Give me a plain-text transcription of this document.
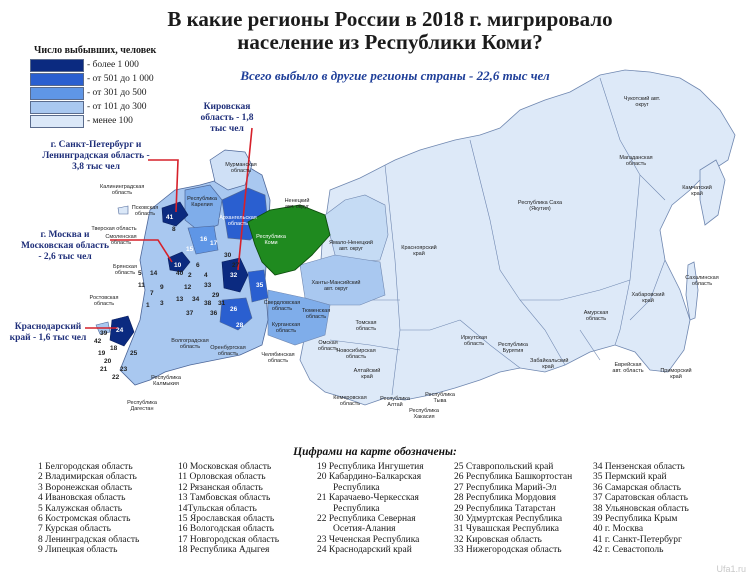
В какие регионы России в 2018 г. мигрировало
население из Республики Коми?
Всего выбыло в другие регионы страны - 22,6 тыс чел
Число выбывших, человек
- более 1 000
- от 501 до 1 000
- от 301 до 500
- от 101 до 300
- менее 100
Кировская область - 1,8 тыс чел
г. Санкт-Петербург и Ленинградская область - 3,8 тыс чел
г. Москва и Московская область - 2,6 тыс чел
Краснодарский край - 1,6 тыс чел
Чукотский авт. округ
Магаданская область
Камчатский край
Сахалинская область
Республика Саха (Якутия)
Хабаровский край
Амурская область
Еврейская авт. область	Приморский край
Красноярский край
Иркутская область	Республика Бурятия
Забайкальский край
Ямало-Ненецкий авт. округ
Ханты-Мансийский авт. округ
Томская область
Республика Коми
Ненецкий авт. округ
Архангельская область
Мурманская область
Республика Карелия
Калининградская область
Псковская область
Тверская область
Смоленская область
Брянская область
Ростовская область
Волгоградская область
Республика Калмыкия
Республика Дагестан
Оренбургская область	Челябинская область
Свердловская область
Курганская область
Тюменская область
Омская область
Новосибирская область
Кемеровская область
Алтайский край
Республика Алтай
Республика Тыва
Республика Хакасия
15
16
17
32
35
28
26
24
10
41
6
2 4
33
29
12
34
38
36
37
13
3
9
7
1
11
5 14
18
19
20
21
22
23
25
27
30
31
39
40
42
8
Цифрами на карте обозначены:
1 Белгородская область
2 Владимирская область
3 Воронежская область
4 Ивановская область
5 Калужская область
6 Костромская область
7 Курская область
8 Ленинградская область
9 Липецкая область
10 Московская область
11 Орловская область
12 Рязанская область
13 Тамбовская область
14Тульская область
15 Ярославская область
16 Вологодская область
17 Новгородская область
18 Республика Адыгея
19 Республика Ингушетия
20 Кабардино-Балкарская
Республика
21 Карачаево-Черкесская
Республика
22 Республика Северная
Осетия-Алания
23 Чеченская Республика
24 Краснодарский край
25 Ставропольский край
26 Республика Башкортостан
27 Республика Марий-Эл
28 Республика Мордовия
29 Республика Татарстан
30 Удмуртская Республика
31 Чувашская Республика
32 Кировская область
33 Нижегородская область
34 Пензенская область
35 Пермский край
36 Самарская область
37 Саратовская область
38 Ульяновская область
39 Республика Крым
40 г. Москва
41 г. Санкт-Петербург
42 г. Севастополь
Ufa1.ru
